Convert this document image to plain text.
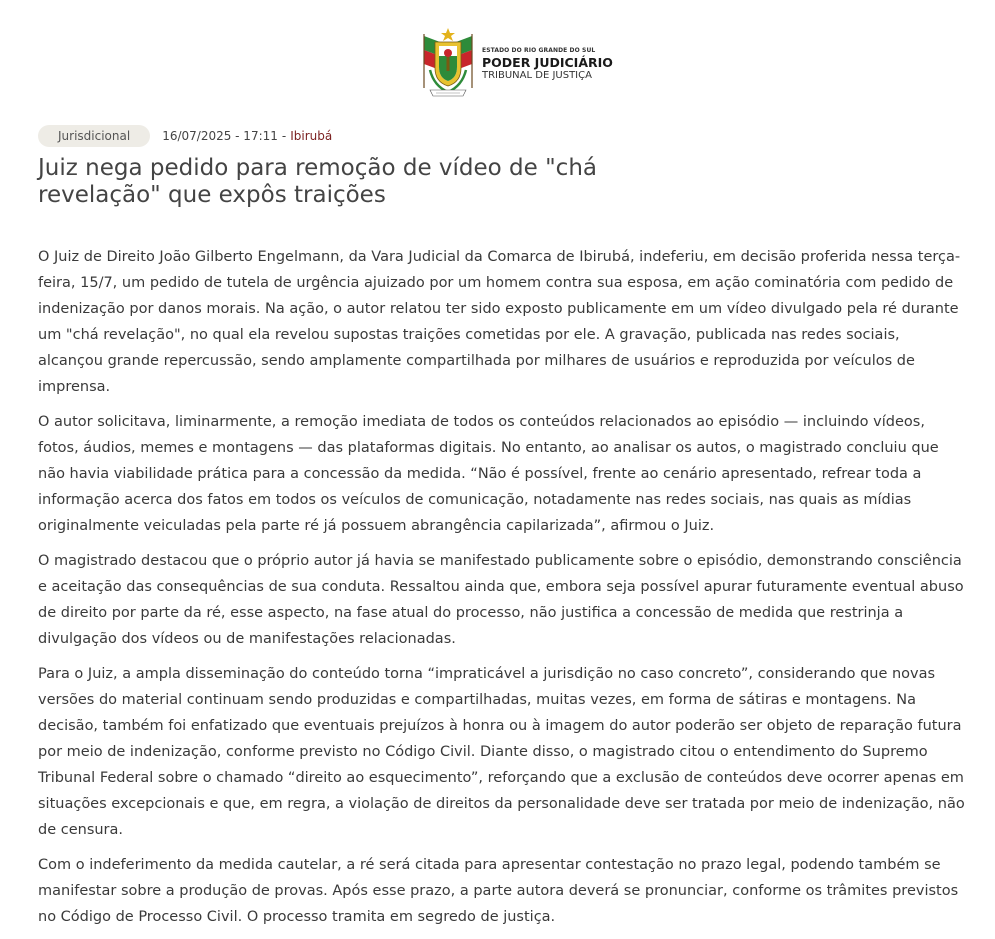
ESTADO DO RIO GRANDE DO SUL
PODER JUDICIÁRIO
TRIBUNAL DE JUSTIÇA
Jurisdicional	16/07/2025 - 17:11 - Ibirubá
Juiz nega pedido para remoção de vídeo de "chá revelação" que expôs traições

O Juiz de Direito João Gilberto Engelmann, da Vara Judicial da Comarca de Ibirubá, indeferiu, em decisão proferida nessa terça-feira, 15/7, um pedido de tutela de urgência ajuizado por um homem contra sua esposa, em ação cominatória com pedido de indenização por danos morais. Na ação, o autor relatou ter sido exposto publicamente em um vídeo divulgado pela ré durante um "chá revelação", no qual ela revelou supostas traições cometidas por ele. A gravação, publicada nas redes sociais, alcançou grande repercussão, sendo amplamente compartilhada por milhares de usuários e reproduzida por veículos de imprensa.

O autor solicitava, liminarmente, a remoção imediata de todos os conteúdos relacionados ao episódio — incluindo vídeos, fotos, áudios, memes e montagens — das plataformas digitais. No entanto, ao analisar os autos, o magistrado concluiu que não havia viabilidade prática para a concessão da medida. “Não é possível, frente ao cenário apresentado, refrear toda a informação acerca dos fatos em todos os veículos de comunicação, notadamente nas redes sociais, nas quais as mídias originalmente veiculadas pela parte ré já possuem abrangência capilarizada”, afirmou o Juiz.

O magistrado destacou que o próprio autor já havia se manifestado publicamente sobre o episódio, demonstrando consciência e aceitação das consequências de sua conduta. Ressaltou ainda que, embora seja possível apurar futuramente eventual abuso de direito por parte da ré, esse aspecto, na fase atual do processo, não justifica a concessão de medida que restrinja a divulgação dos vídeos ou de manifestações relacionadas.

Para o Juiz, a ampla disseminação do conteúdo torna “impraticável a jurisdição no caso concreto”, considerando que novas versões do material continuam sendo produzidas e compartilhadas, muitas vezes, em forma de sátiras e montagens. Na decisão, também foi enfatizado que eventuais prejuízos à honra ou à imagem do autor poderão ser objeto de reparação futura por meio de indenização, conforme previsto no Código Civil. Diante disso, o magistrado citou o entendimento do Supremo Tribunal Federal sobre o chamado “direito ao esquecimento”, reforçando que a exclusão de conteúdos deve ocorrer apenas em situações excepcionais e que, em regra, a violação de direitos da personalidade deve ser tratada por meio de indenização, não de censura.

Com o indeferimento da medida cautelar, a ré será citada para apresentar contestação no prazo legal, podendo também se manifestar sobre a produção de provas. Após esse prazo, a parte autora deverá se pronunciar, conforme os trâmites previstos no Código de Processo Civil. O processo tramita em segredo de justiça.
